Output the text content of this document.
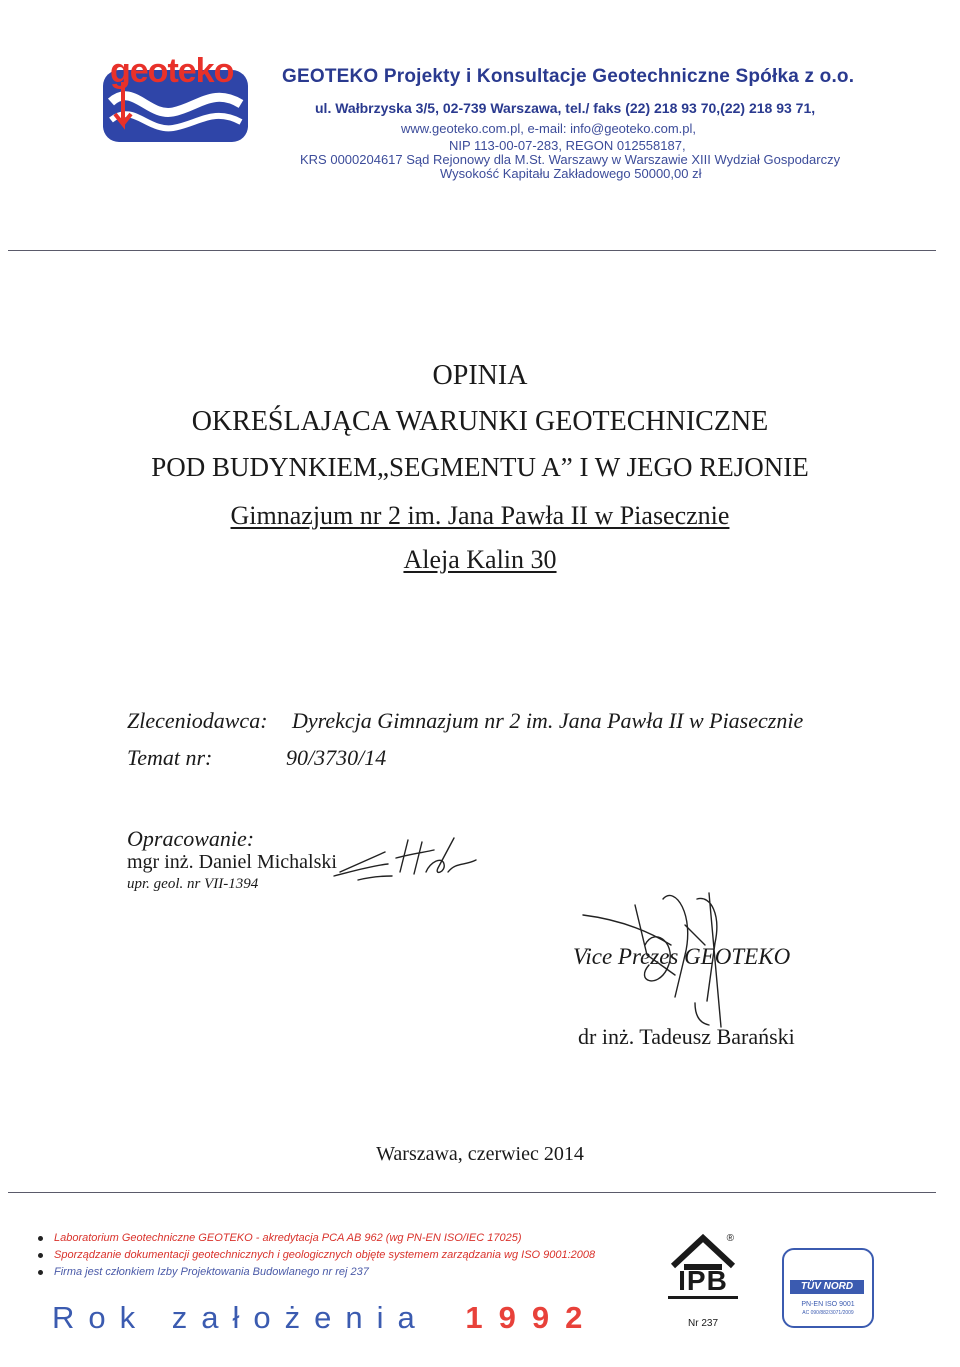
geoteko	GEOTEKO Projekty i Konsultacje Geotechniczne Spółka z o.o.
ul. Wałbrzyska 3/5, 02-739 Warszawa, tel./ faks (22) 218 93 70,(22) 218 93 71,
www.geoteko.com.pl, e-mail: info@geoteko.com.pl,
NIP 113-00-07-283, REGON 012558187,
KRS 0000204617 Sąd Rejonowy dla M.St. Warszawy w Warszawie XIII Wydział Gospodarczy
Wysokość Kapitału Zakładowego 50000,00 zł
OPINIA
OKREŚLAJĄCA WARUNKI GEOTECHNICZNE
POD BUDYNKIEM„SEGMENTU A” I W JEGO REJONIE
Gimnazjum nr 2 im. Jana Pawła II w Piasecznie
Aleja Kalin 30
Zleceniodawca: Dyrekcja Gimnazjum nr 2 im. Jana Pawła II w Piasecznie
Temat nr:	90/3730/14
Opracowanie:
mgr inż. Daniel Michalski
upr. geol. nr VII-1394
Vice Prezes GEOTEKO
dr inż. Tadeusz Barański
Warszawa, czerwiec 2014
Laboratorium Geotechniczne GEOTEKO - akredytacja PCA AB 962 (wg PN-EN ISO/IEC 17025)
Sporządzanie dokumentacji geotechnicznych i geologicznych objęte systemem zarządzania wg ISO 9001:2008
Firma jest członkiem Izby Projektowania Budowlanego nr rej 237
Rok założenia 1992
®
IPB
Nr 237
TÜV NORD
PN-EN ISO 9001
AC 090/882/3071/2009
